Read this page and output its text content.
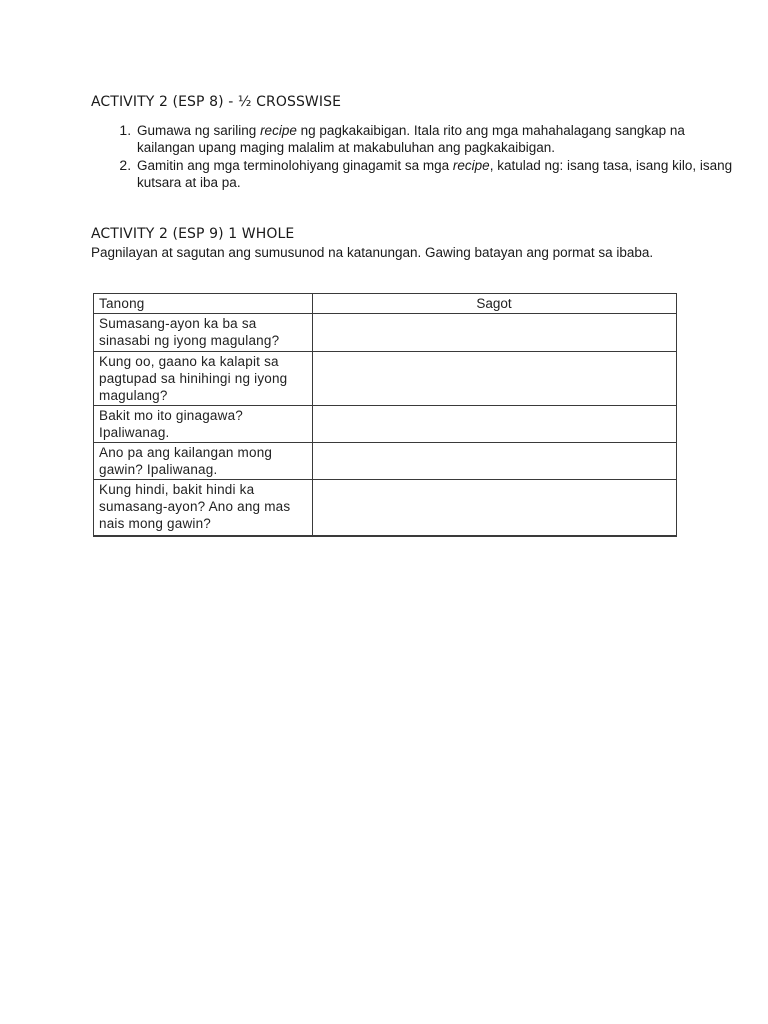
ACTIVITY 2 (ESP 8) - ½ CROSSWISE
1. Gumawa ng sariling recipe ng pagkakaibigan. Itala rito ang mga mahahalagang sangkap na kailangan upang maging malalim at makabuluhan ang pagkakaibigan.
2. Gamitin ang mga terminolohiyang ginagamit sa mga recipe, katulad ng: isang tasa, isang kilo, isang kutsara at iba pa.
ACTIVITY 2 (ESP 9) 1 WHOLE

Pagnilayan at sagutan ang sumusunod na katanungan. Gawing batayan ang pormat sa ibaba.

Tanong	Sagot
Sumasang-ayon ka ba sa sinasabi ng iyong magulang?	
Kung oo, gaano ka kalapit sa pagtupad sa hinihingi ng iyong magulang?	
Bakit mo ito ginagawa? Ipaliwanag.	
Ano pa ang kailangan mong gawin? Ipaliwanag.	
Kung hindi, bakit hindi ka sumasang-ayon? Ano ang mas nais mong gawin?	
